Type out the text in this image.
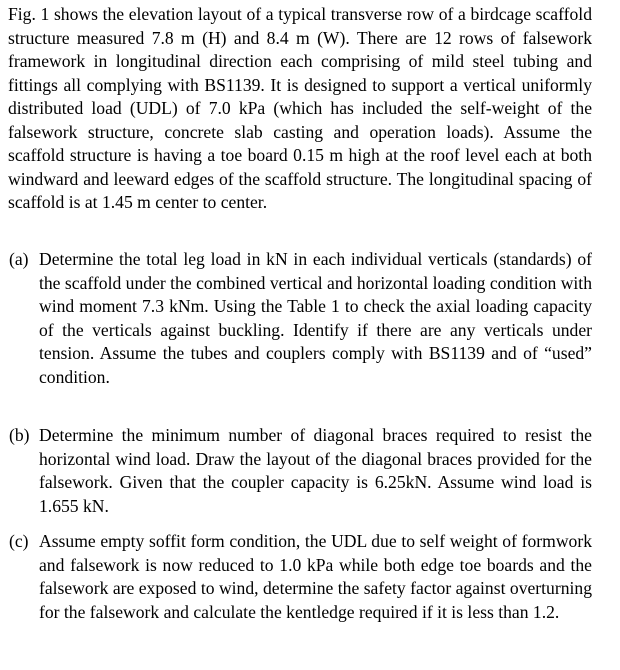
Fig. 1 shows the elevation layout of a typical transverse row of a birdcage scaffold structure measured 7.8 m (H) and 8.4 m (W). There are 12 rows of falsework framework in longitudinal direction each comprising of mild steel tubing and fittings all complying with BS1139. It is designed to support a vertical uniformly distributed load (UDL) of 7.0 kPa (which has included the self-weight of the falsework structure, concrete slab casting and operation loads). Assume the scaffold structure is having a toe board 0.15 m high at the roof level each at both windward and leeward edges of the scaffold structure. The longitudinal spacing of scaffold is at 1.45 m center to center.

(a) Determine the total leg load in kN in each individual verticals (standards) of the scaffold under the combined vertical and horizontal loading condition with wind moment 7.3 kNm. Using the Table 1 to check the axial loading capacity of the verticals against buckling. Identify if there are any verticals under tension. Assume the tubes and couplers comply with BS1139 and of “used” condition.

(b) Determine the minimum number of diagonal braces required to resist the horizontal wind load. Draw the layout of the diagonal braces provided for the falsework. Given that the coupler capacity is 6.25kN. Assume wind load is 1.655 kN.

(c) Assume empty soffit form condition, the UDL due to self weight of formwork and falsework is now reduced to 1.0 kPa while both edge toe boards and the falsework are exposed to wind, determine the safety factor against overturning for the falsework and calculate the kentledge required if it is less than 1.2.
